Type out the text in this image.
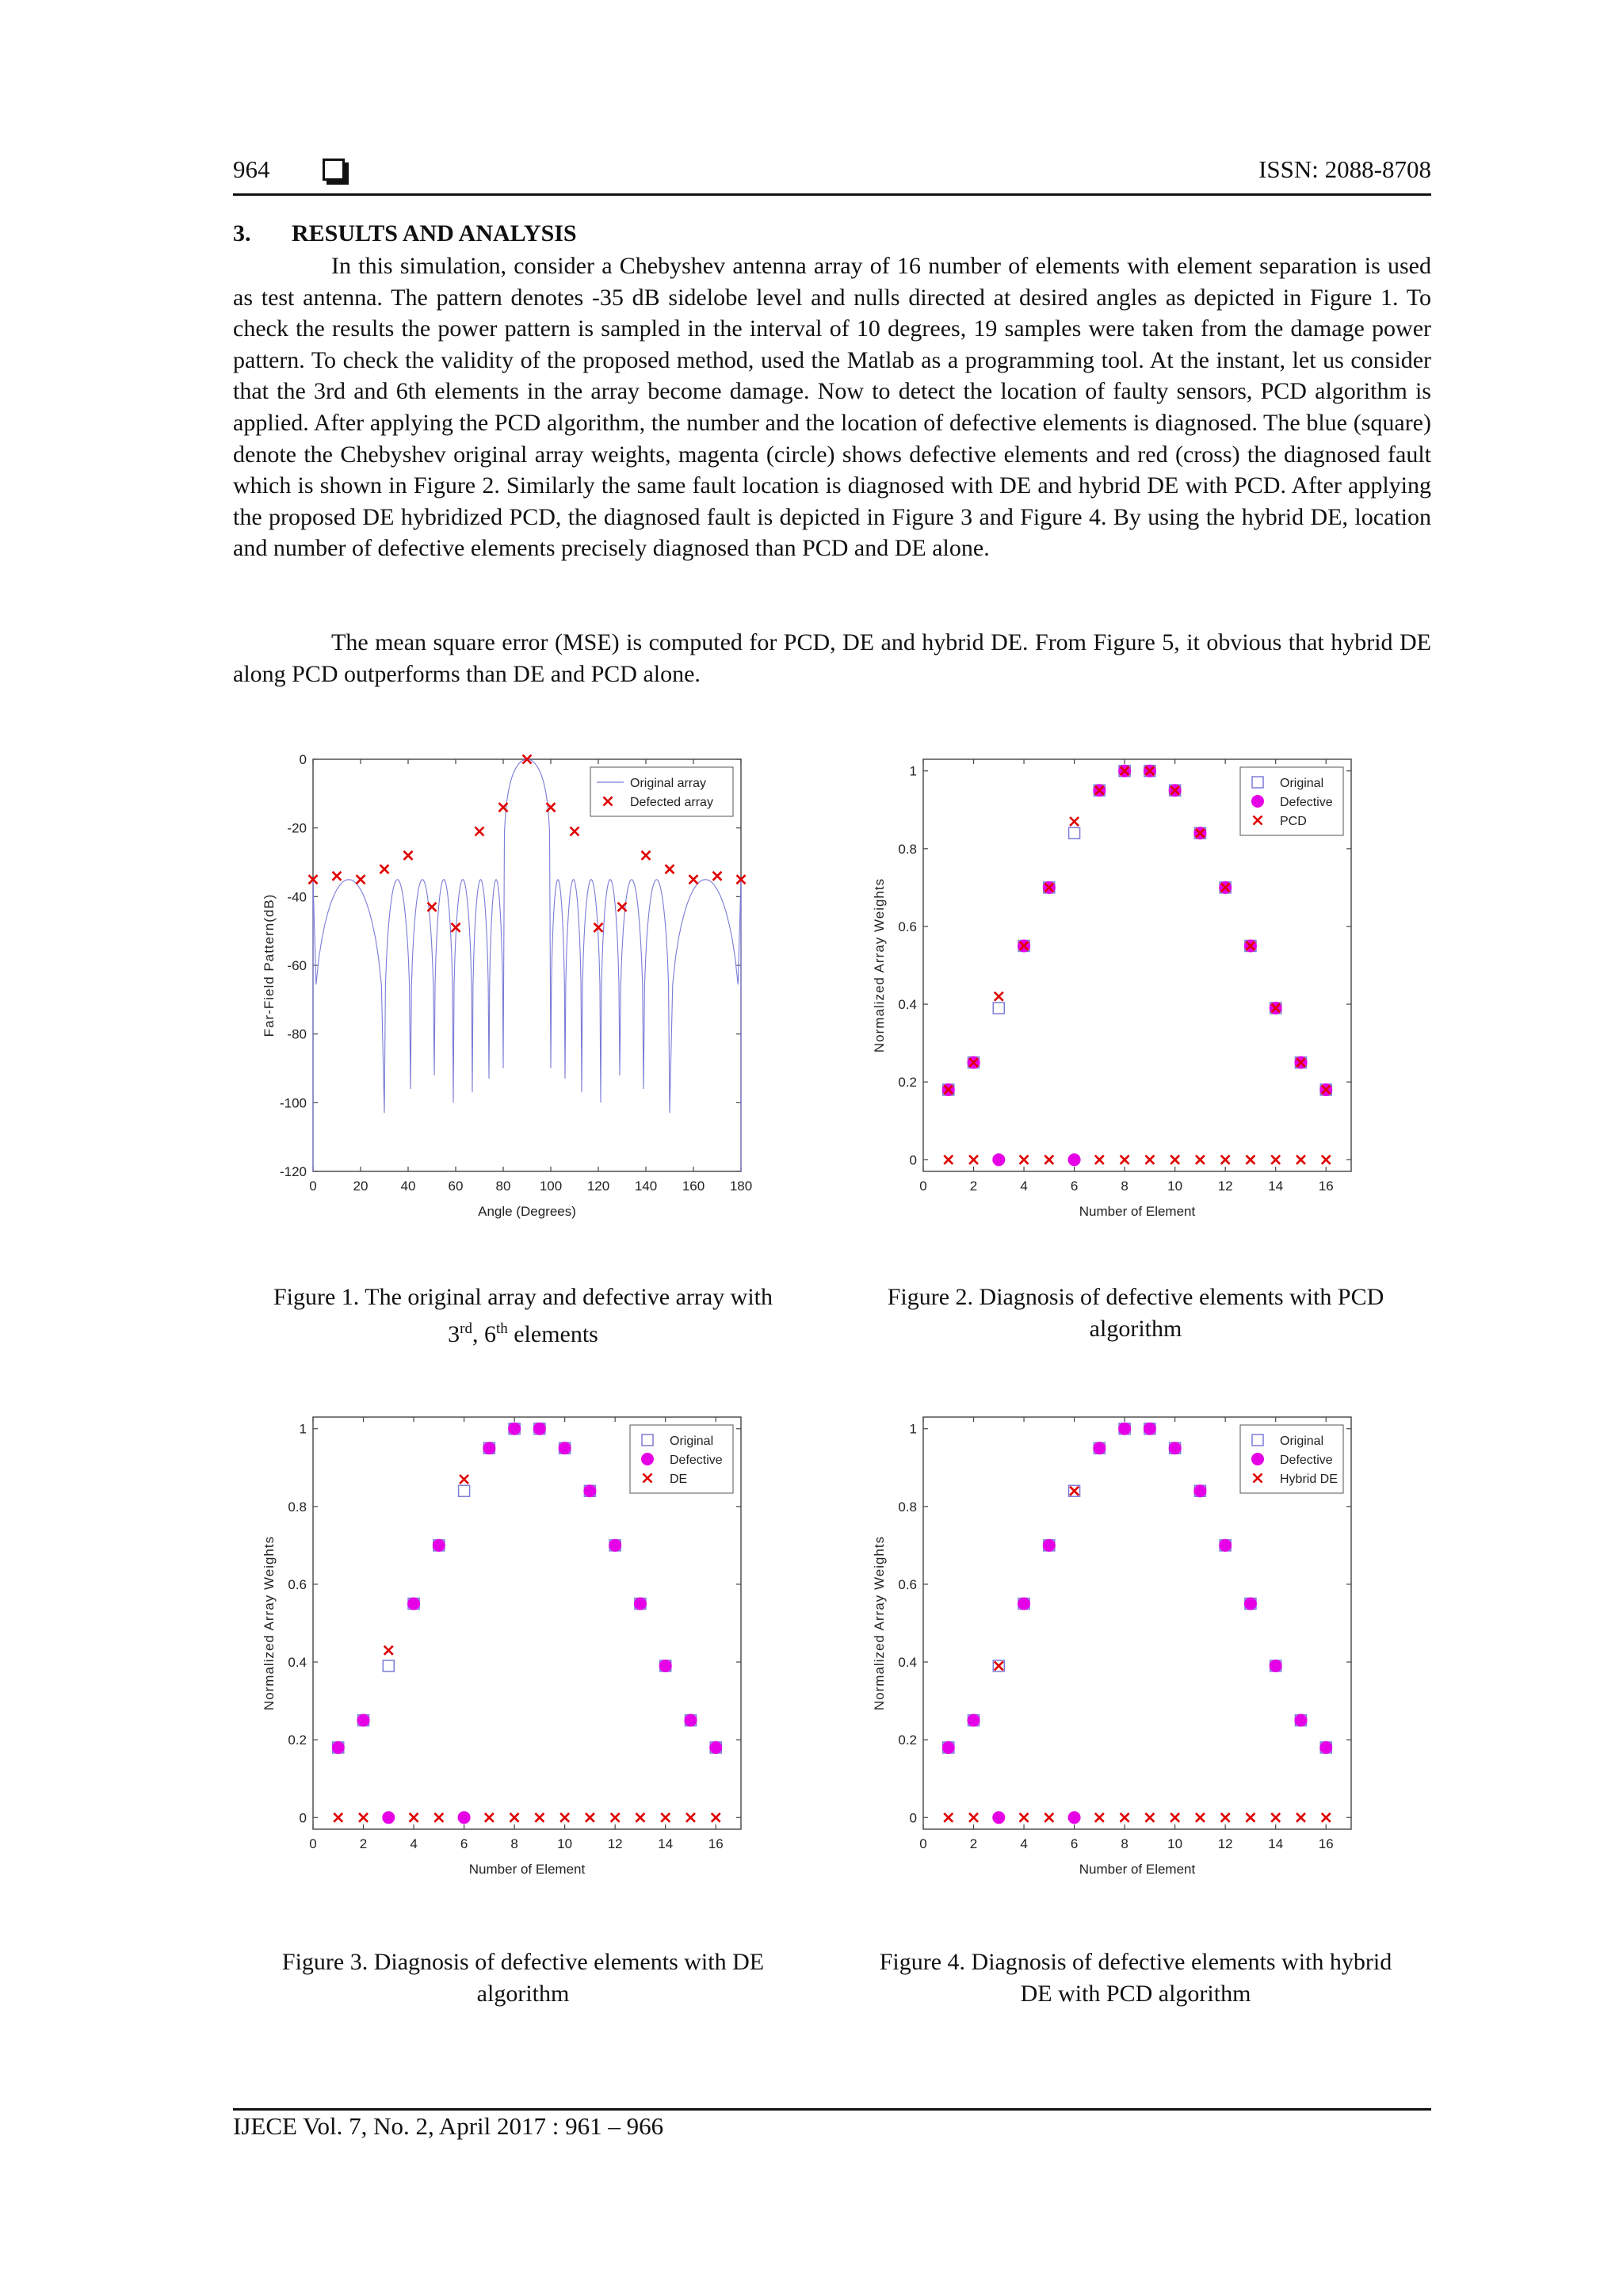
964	ISSN: 2088-8708
3. RESULTS AND ANALYSIS

In this simulation, consider a Chebyshev antenna array of 16 number of elements with element separation is used as test antenna. The pattern denotes -35 dB sidelobe level and nulls directed at desired angles as depicted in Figure 1. To check the results the power pattern is sampled in the interval of 10 degrees, 19 samples were taken from the damage power pattern. To check the validity of the proposed method, used the Matlab as a programming tool. At the instant, let us consider that the 3rd and 6th elements in the array become damage. Now to detect the location of faulty sensors, PCD algorithm is applied. After applying the PCD algorithm, the number and the location of defective elements is diagnosed. The blue (square) denote the Chebyshev original array weights, magenta (circle) shows defective elements and red (cross) the diagnosed fault which is shown in Figure 2. Similarly the same fault location is diagnosed with DE and hybrid DE with PCD. After applying the proposed DE hybridized PCD, the diagnosed fault is depicted in Figure 3 and Figure 4. By using the hybrid DE, location and number of defective elements precisely diagnosed than PCD and DE alone.

The mean square error (MSE) is computed for PCD, DE and hybrid DE. From Figure 5, it obvious that hybrid DE along PCD outperforms than DE and PCD alone.

0	20 40 60 80 100 120 140 160 180
0
-20
-40
-60
-80
-100
-120
Angle (Degrees)
Far-Field Pattern(dB)
Original array
Defected array
0	2	4	6	8	10	12	14	16
0
0.2
0.4
0.6
0.8
1
Number of Element
Normalized Array Weights
Original
Defective
PCD
0	2	4	6	8	10	12	14	16
0
0.2
0.4
0.6
0.8
1
Number of Element
Normalized Array Weights
Original
Defective
DE
0	2	4	6	8	10	12	14	16
0
0.2
0.4
0.6
0.8
1
Number of Element
Normalized Array Weights
Original
Defective
Hybrid DE
Figure 1. The original array and defective array with
3rd, 6th elements
Figure 2. Diagnosis of defective elements with PCD
algorithm
Figure 3. Diagnosis of defective elements with DE
algorithm
Figure 4. Diagnosis of defective elements with hybrid
DE with PCD algorithm
IJECE Vol. 7, No. 2, April 2017 : 961 – 966
